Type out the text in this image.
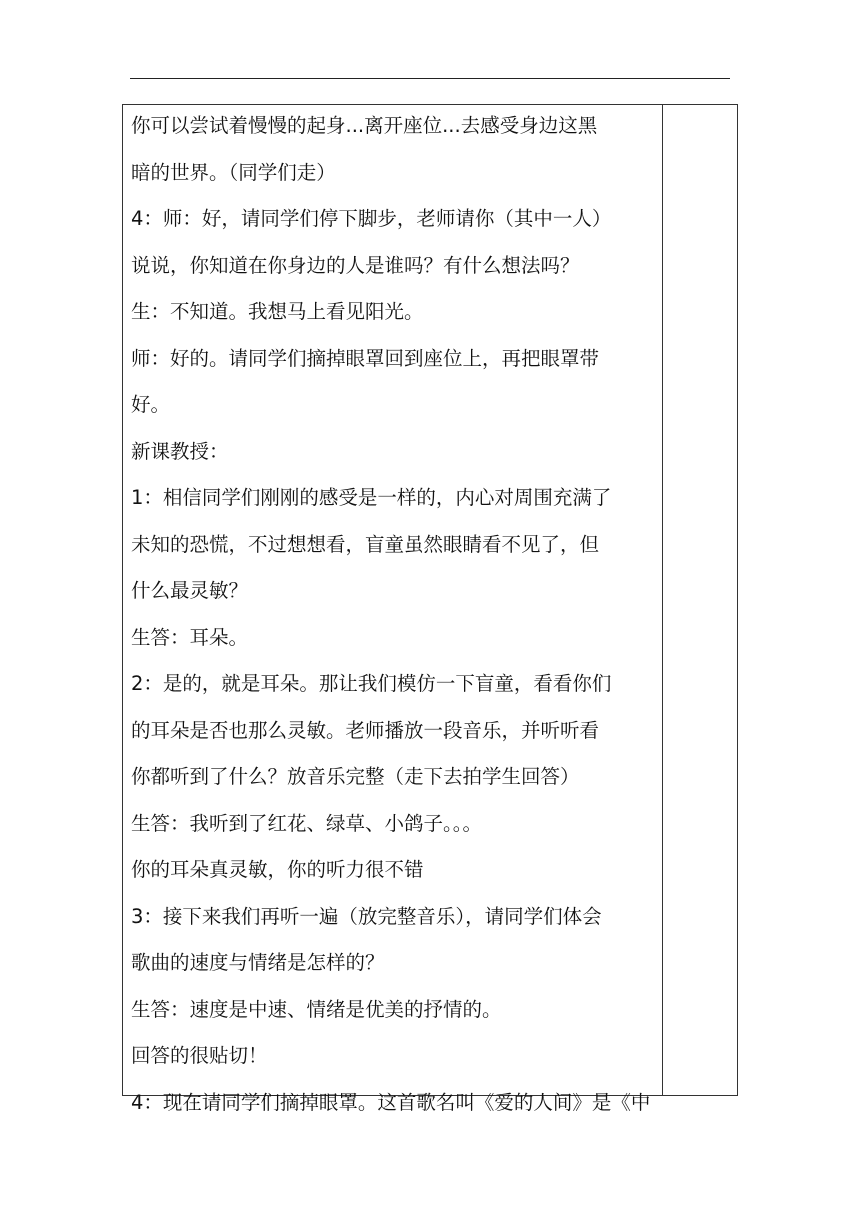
你可以尝试着慢慢的起身...离开座位...去感受身边这黑
暗的世界。（同学们走）
4：师：好，请同学们停下脚步，老师请你（其中一人）
说说，你知道在你身边的人是谁吗？有什么想法吗？
生：不知道。我想马上看见阳光。
师：好的。请同学们摘掉眼罩回到座位上，再把眼罩带
好。
新课教授：
1：相信同学们刚刚的感受是一样的，内心对周围充满了
未知的恐慌，不过想想看，盲童虽然眼睛看不见了，但
什么最灵敏？
生答：耳朵。
2：是的，就是耳朵。那让我们模仿一下盲童，看看你们
的耳朵是否也那么灵敏。老师播放一段音乐，并听听看
你都听到了什么？放音乐完整（走下去拍学生回答）
生答：我听到了红花、绿草、小鸽子。。。
你的耳朵真灵敏，你的听力很不错
3：接下来我们再听一遍（放完整音乐），请同学们体会
歌曲的速度与情绪是怎样的？
生答：速度是中速、情绪是优美的抒情的。
回答的很贴切！
4：现在请同学们摘掉眼罩。这首歌名叫《爱的人间》是《中
